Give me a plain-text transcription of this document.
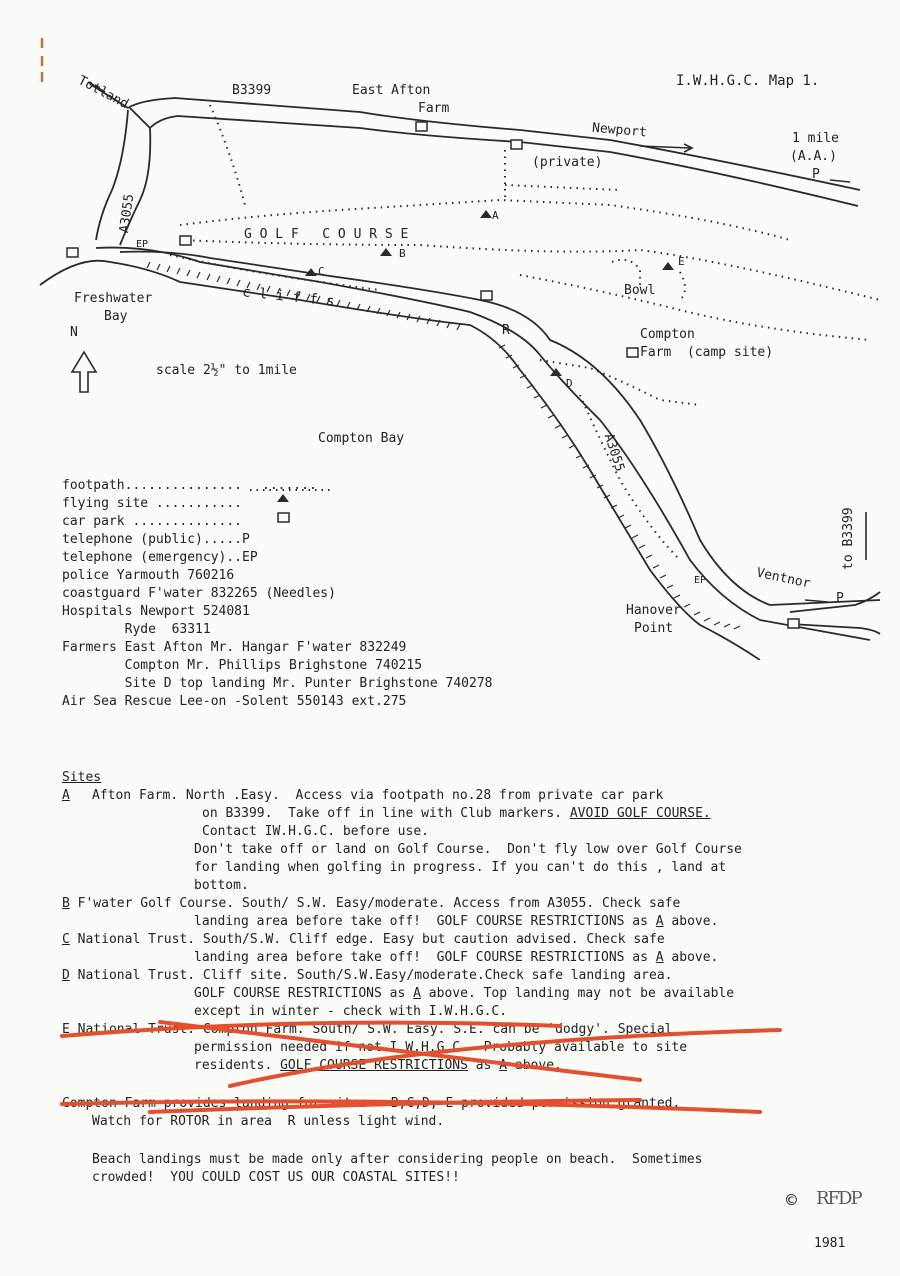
I.W.H.G.C. Map 1.
Totland	B3399	East Afton
Farm
Newport	1 mile
(A.A.)
P
(private)
A3055
G O L F   C O U R S E
A
B
C
D
E
EP
Freshwater
Bay
c l i f f s	Bowl
R	Compton
Farm  (camp site)
N
scale 2½" to 1mile
Compton Bay	A3055
to B3399
Ventnor
P
EP
Hanover
Point
footpath............... .......
flying site ...........
car park ..............
telephone (public).....P
telephone (emergency)..EP
police Yarmouth 760216
coastguard F'water 832265 (Needles)
Hospitals Newport 524081
Ryde  63311
Farmers East Afton Mr. Hangar F'water 832249
Compton Mr. Phillips Brighstone 740215
Site D top landing Mr. Punter Brighstone 740278
Air Sea Rescue Lee-on -Solent 550143 ext.275
Sites
A Afton Farm. North .Easy.  Access via footpath no.28 from private car park
on B3399.  Take off in line with Club markers. AVOID GOLF COURSE.
Contact IW.H.G.C. before use.
Don't take off or land on Golf Course.  Don't fly low over Golf Course
for landing when golfing in progress. If you can't do this , land at
bottom.
B F'water Golf Course. South/ S.W. Easy/moderate. Access from A3055. Check safe
landing area before take off!  GOLF COURSE RESTRICTIONS as A above.
C National Trust. South/S.W. Cliff edge. Easy but caution advised. Check safe
landing area before take off!  GOLF COURSE RESTRICTIONS as A above.
D National Trust. Cliff site. South/S.W.Easy/moderate.Check safe landing area.
GOLF COURSE RESTRICTIONS as A above. Top landing may not be available
except in winter - check with I.W.H.G.C.
E National Trust. Compton Farm. South/ S.W. Easy. S.E. can be 'dodgy'. Special
permission needed if not I.W.H.G.C.  Probably available to site
residents. GOLF COURSE RESTRICTIONS as A above.
Compton Farm provides landing for sites   B,C,D, E provided permission granted.
Watch for ROTOR in area  R unless light wind.
Beach landings must be made only after considering people on beach.  Sometimes
crowded!  YOU COULD COST US OUR COASTAL SITES!!
© RFDP
1981
